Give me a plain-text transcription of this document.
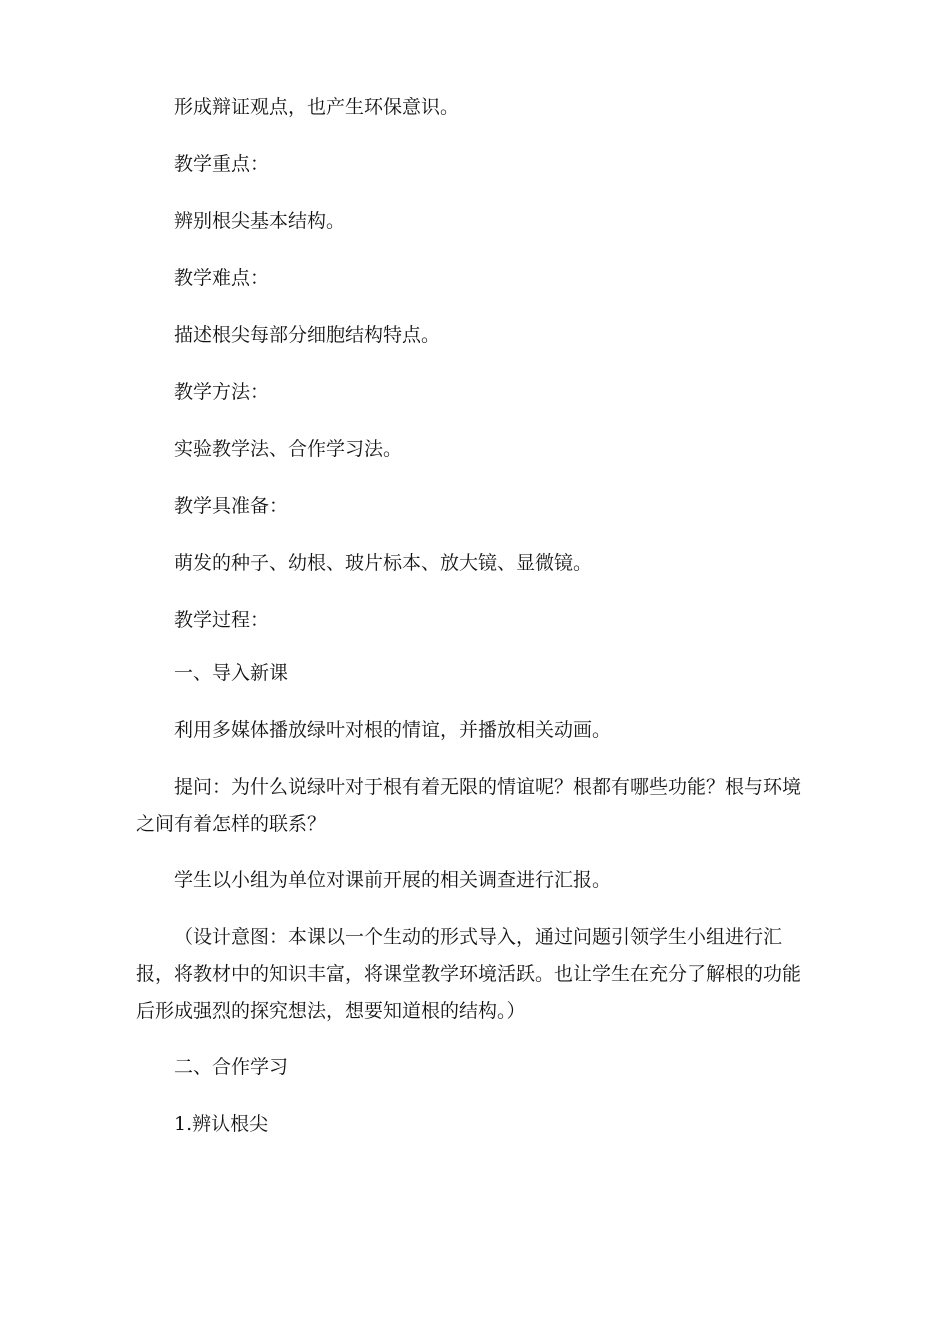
形成辩证观点，也产生环保意识。

教学重点：

辨别根尖基本结构。

教学难点：

描述根尖每部分细胞结构特点。

教学方法：

实验教学法、合作学习法。

教学具准备：

萌发的种子、幼根、玻片标本、放大镜、显微镜。

教学过程：

一、导入新课

利用多媒体播放绿叶对根的情谊，并播放相关动画。

提问：为什么说绿叶对于根有着无限的情谊呢？根都有哪些功能？根与环境之间有着怎样的联系？

学生以小组为单位对课前开展的相关调查进行汇报。

（设计意图：本课以一个生动的形式导入，通过问题引领学生小组进行汇报，将教材中的知识丰富，将课堂教学环境活跃。也让学生在充分了解根的功能后形成强烈的探究想法，想要知道根的结构。）

二、合作学习

1.辨认根尖
